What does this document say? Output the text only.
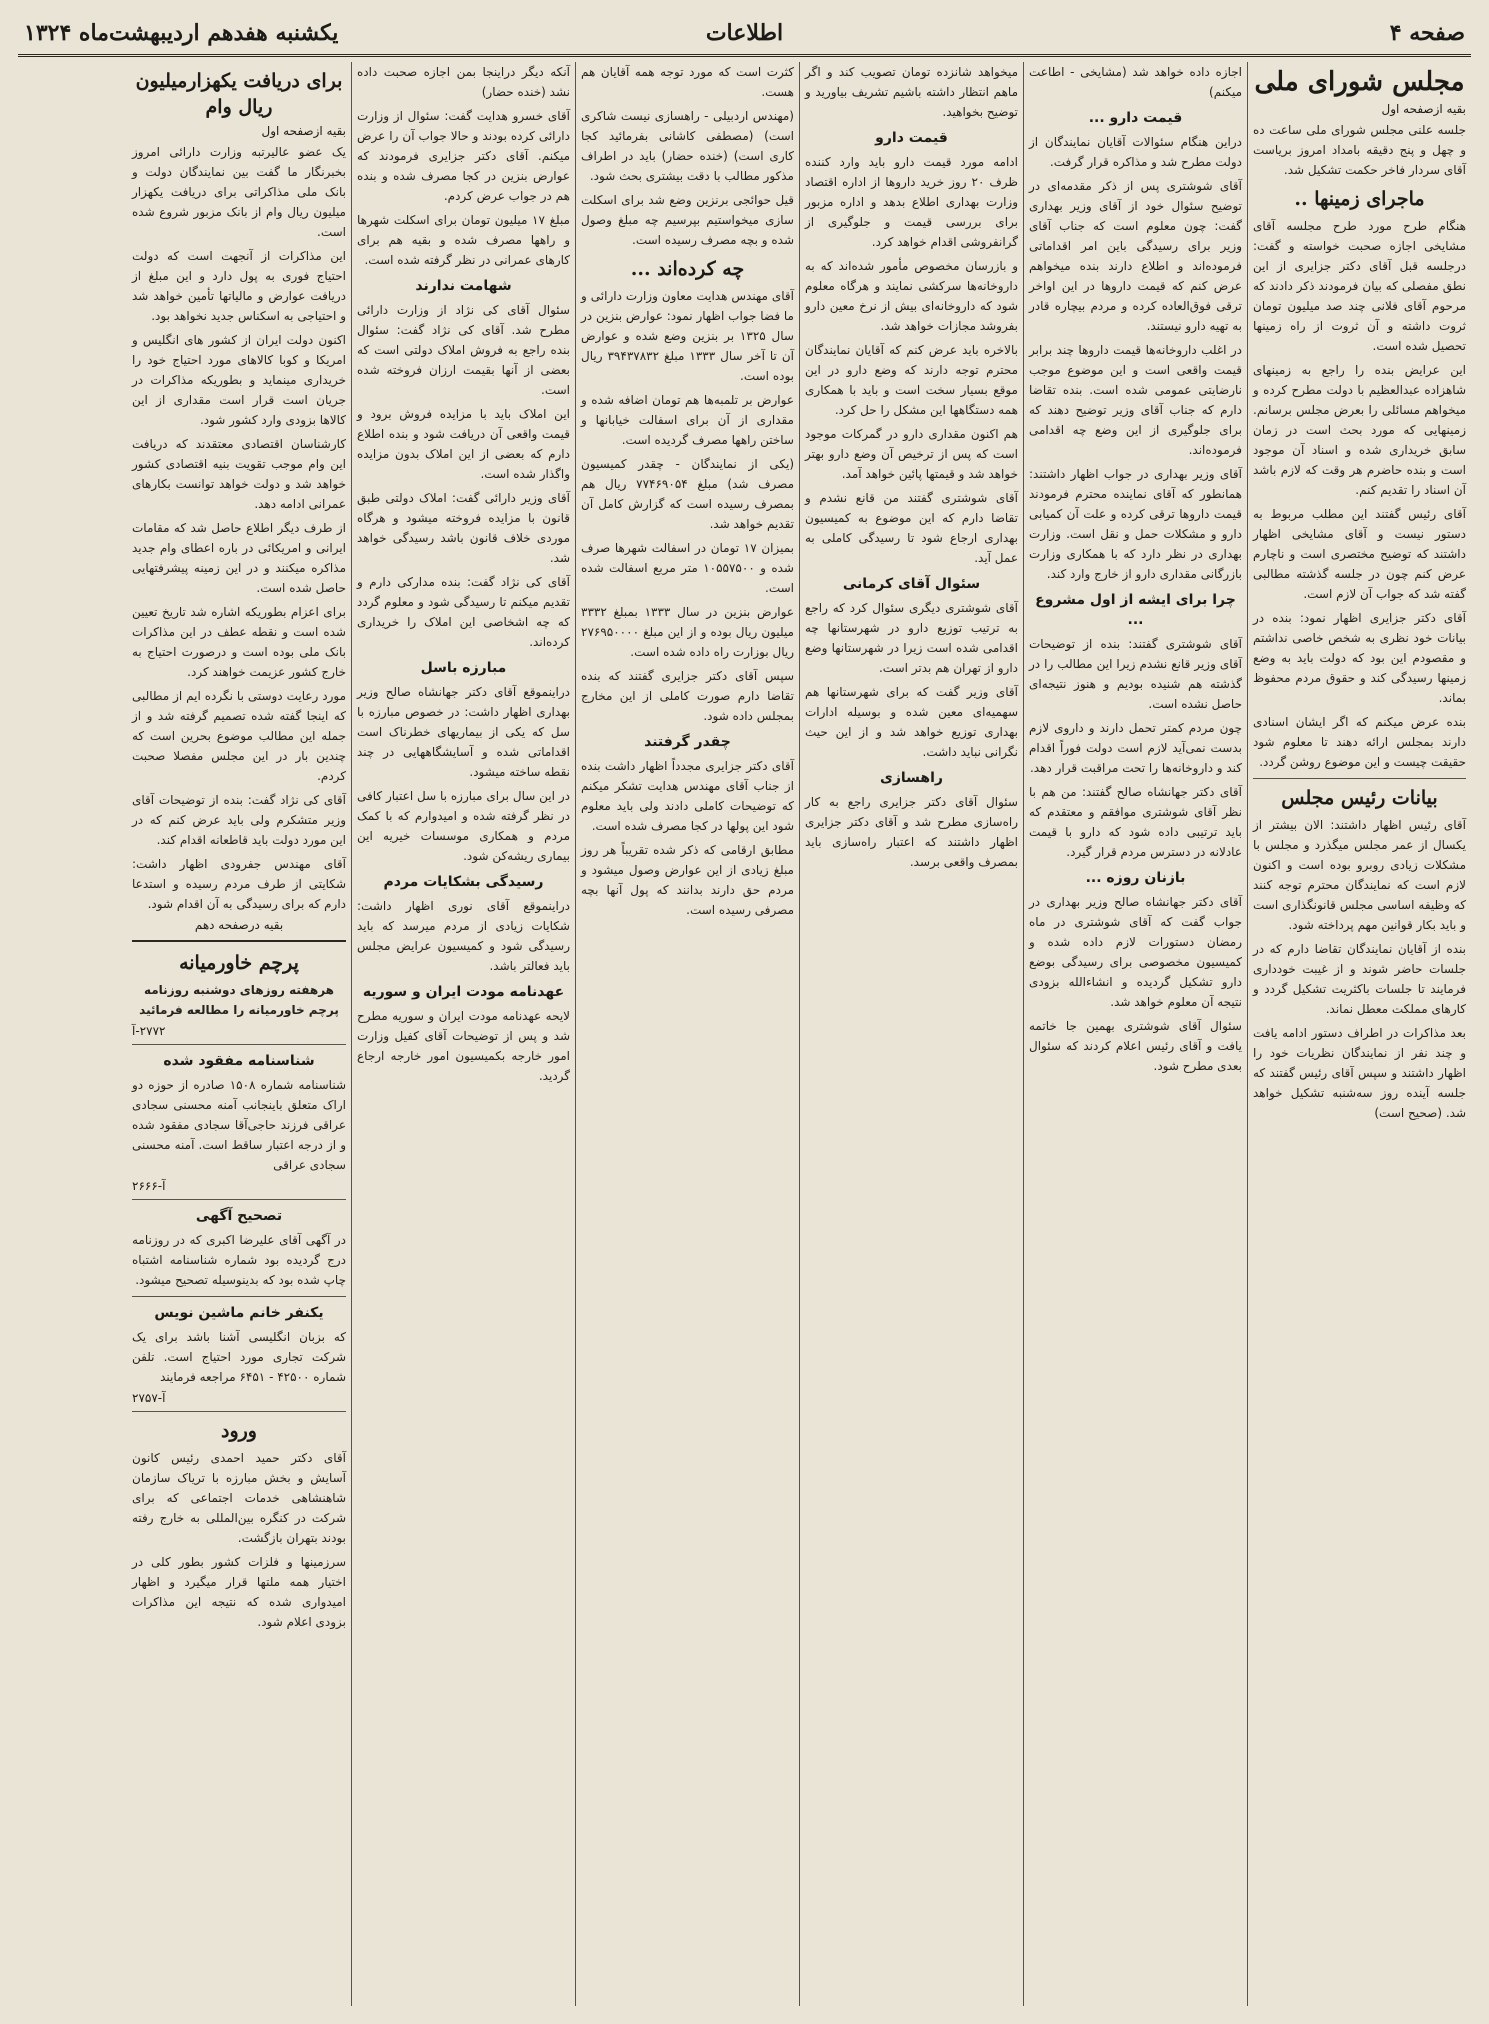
صفحه ۴
اطلاعات
یکشنبه هفدهم اردیبهشت‌ماه ۱۳۲۴
مجلس شورای ملی
بقیه ازصفحه اول

جلسه علنی مجلس شورای ملی ساعت ده و چهل و پنج دقیقه بامداد امروز بریاست آقای سردار فاخر حکمت تشکیل شد.

ماجرای زمینها ..

هنگام طرح مورد طرح مجلسه آقای مشایخی اجازه صحبت خواسته و گفت: درجلسه قبل آقای دکتر جزایری از این نطق مفصلی که بیان فرمودند ذکر دادند که مرحوم آقای فلانی چند صد میلیون تومان ثروت داشته و آن ثروت از راه زمینها تحصیل شده است.

این عرایض بنده را راجع به زمینهای شاهزاده عبدالعظیم با دولت مطرح کرده و میخواهم مسائلی را بعرض مجلس برسانم. زمینهایی که مورد بحث است در زمان سابق خریداری شده و اسناد آن موجود است و بنده حاضرم هر وقت که لازم باشد آن اسناد را تقدیم کنم.

آقای رئیس گفتند این مطلب مربوط به دستور نیست و آقای مشایخی اظهار داشتند که توضیح مختصری است و ناچارم عرض کنم چون در جلسه گذشته مطالبی گفته شد که جواب آن لازم است.

آقای دکتر جزایری اظهار نمود: بنده در بیانات خود نظری به شخص خاصی نداشتم و مقصودم این بود که دولت باید به وضع زمینها رسیدگی کند و حقوق مردم محفوظ بماند.

بنده عرض میکنم که اگر ایشان اسنادی دارند بمجلس ارائه دهند تا معلوم شود حقیقت چیست و این موضوع روشن گردد.

بیانات رئیس مجلس

آقای رئیس اظهار داشتند: الان بیشتر از یکسال از عمر مجلس میگذرد و مجلس با مشکلات زیادی روبرو بوده است و اکنون لازم است که نمایندگان محترم توجه کنند که وظیفه اساسی مجلس قانونگذاری است و باید بکار قوانین مهم پرداخته شود.

بنده از آقایان نمایندگان تقاضا دارم که در جلسات حاضر شوند و از غیبت خودداری فرمایند تا جلسات باکثریت تشکیل گردد و کارهای مملکت معطل نماند.

بعد مذاکرات در اطراف دستور ادامه یافت و چند نفر از نمایندگان نظریات خود را اظهار داشتند و سپس آقای رئیس گفتند که جلسه آینده روز سه‌شنبه تشکیل خواهد شد. (صحیح است)

اجازه داده خواهد شد (مشایخی - اطاعت میکنم)

قیمت دارو ...

دراین هنگام سئوالات آقایان نمایندگان از دولت مطرح شد و مذاکره قرار گرفت.

آقای شوشتری پس از ذکر مقدمه‌ای در توضیح سئوال خود از آقای وزیر بهداری گفت: چون معلوم است که جناب آقای وزیر برای رسیدگی باین امر اقداماتی فرموده‌اند و اطلاع دارند بنده میخواهم عرض کنم که قیمت داروها در این اواخر ترقی فوق‌العاده کرده و مردم بیچاره قادر به تهیه دارو نیستند.

در اغلب داروخانه‌ها قیمت داروها چند برابر قیمت واقعی است و این موضوع موجب نارضایتی عمومی شده است. بنده تقاضا دارم که جناب آقای وزیر توضیح دهند که برای جلوگیری از این وضع چه اقدامی فرموده‌اند.

آقای وزیر بهداری در جواب اظهار داشتند: همانطور که آقای نماینده محترم فرمودند قیمت داروها ترقی کرده و علت آن کمیابی دارو و مشکلات حمل و نقل است. وزارت بهداری در نظر دارد که با همکاری وزارت بازرگانی مقداری دارو از خارج وارد کند.

چرا برای ایشه از اول مشروع ...

آقای شوشتری گفتند: بنده از توضیحات آقای وزیر قانع نشدم زیرا این مطالب را در گذشته هم شنیده بودیم و هنوز نتیجه‌ای حاصل نشده است.

چون مردم کمتر تحمل دارند و داروی لازم بدست نمی‌آید لازم است دولت فوراً اقدام کند و داروخانه‌ها را تحت مراقبت قرار دهد.

آقای دکتر جهانشاه صالح گفتند: من هم با نظر آقای شوشتری موافقم و معتقدم که باید ترتیبی داده شود که دارو با قیمت عادلانه در دسترس مردم قرار گیرد.

بازنان روزه ...

آقای دکتر جهانشاه صالح وزیر بهداری در جواب گفت که آقای شوشتری در ماه رمضان دستورات لازم داده شده و کمیسیون مخصوصی برای رسیدگی بوضع دارو تشکیل گردیده و انشاءالله بزودی نتیجه آن معلوم خواهد شد.

سئوال آقای شوشتری بهمین جا خاتمه یافت و آقای رئیس اعلام کردند که سئوال بعدی مطرح شود.

میخواهد شانزده تومان تصویب کند و اگر ماهم انتظار داشته باشیم تشریف بیاورید و توضیح بخواهید.

قیمت دارو

ادامه مورد قیمت دارو باید وارد کننده ظرف ۲۰ روز خرید داروها از اداره اقتصاد وزارت بهداری اطلاع بدهد و اداره مزبور برای بررسی قیمت و جلوگیری از گرانفروشی اقدام خواهد کرد.

و بازرسان مخصوص مأمور شده‌اند که به داروخانه‌ها سرکشی نمایند و هرگاه معلوم شود که داروخانه‌ای بیش از نرخ معین دارو بفروشد مجازات خواهد شد.

بالاخره باید عرض کنم که آقایان نمایندگان محترم توجه دارند که وضع دارو در این موقع بسیار سخت است و باید با همکاری همه دستگاهها این مشکل را حل کرد.

هم اکنون مقداری دارو در گمرکات موجود است که پس از ترخیص آن وضع دارو بهتر خواهد شد و قیمتها پائین خواهد آمد.

آقای شوشتری گفتند من قانع نشدم و تقاضا دارم که این موضوع به کمیسیون بهداری ارجاع شود تا رسیدگی کاملی به عمل آید.

سئوال آقای کرمانی

آقای شوشتری دیگری سئوال کرد که راجع به ترتیب توزیع دارو در شهرستانها چه اقدامی شده است زیرا در شهرستانها وضع دارو از تهران هم بدتر است.

آقای وزیر گفت که برای شهرستانها هم سهمیه‌ای معین شده و بوسیله ادارات بهداری توزیع خواهد شد و از این حیث نگرانی نباید داشت.

راهسازی

سئوال آقای دکتر جزایری راجع به کار راه‌سازی مطرح شد و آقای دکتر جزایری اظهار داشتند که اعتبار راه‌سازی باید بمصرف واقعی برسد.

کثرت است که مورد توجه همه آقایان هم هست.

(مهندس اردبیلی - راهسازی نیست شاکری است) (مصطفی کاشانی بفرمائید کجا کاری است) (خنده حضار) باید در اطراف مذکور مطالب با دقت بیشتری بحث شود.

قیل حوائجی برنزین وضع شد برای اسکلت سازی میخواستیم بپرسیم چه مبلغ وصول شده و بچه مصرف رسیده است.

چه کرده‌اند ...

آقای مهندس هدایت معاون وزارت دارائی و ما فضا جواب اظهار نمود: عوارض بنزین در سال ۱۳۲۵ بر بنزین وضع شده و عوارض آن تا آخر سال ۱۳۳۳ مبلغ ۳۹۴۳۷۸۳۲ ریال بوده است.

عوارض بر تلمبه‌ها هم تومان اضافه شده و مقداری از آن برای اسفالت خیابانها و ساختن راهها مصرف گردیده است.

(یکی از نمایندگان - چقدر کمیسیون مصرف شد) مبلغ ۷۷۴۶۹۰۵۴ ریال هم بمصرف رسیده است که گزارش کامل آن تقدیم خواهد شد.

بمیزان ۱۷ تومان در اسفالت شهرها صرف شده و ۱۰۵۵۷۵۰۰ متر مربع اسفالت شده است.

عوارض بنزین در سال ۱۳۳۳ بمبلغ ۳۳۳۲ میلیون ریال بوده و از این مبلغ ۲۷۶۹۵۰۰۰۰ ریال بوزارت راه داده شده است.

سپس آقای دکتر جزایری گفتند که بنده تقاضا دارم صورت کاملی از این مخارج بمجلس داده شود.

چقدر گرفتند

آقای دکتر جزایری مجدداً اظهار داشت بنده از جناب آقای مهندس هدایت تشکر میکنم که توضیحات کاملی دادند ولی باید معلوم شود این پولها در کجا مصرف شده است.

مطابق ارقامی که ذکر شده تقریباً هر روز مبلغ زیادی از این عوارض وصول میشود و مردم حق دارند بدانند که پول آنها بچه مصرفی رسیده است.

آنکه دیگر دراینجا بمن اجازه صحبت داده نشد (خنده حضار)

آقای خسرو هدایت گفت: سئوال از وزارت دارائی کرده بودند و حالا جواب آن را عرض میکنم. آقای دکتر جزایری فرمودند که عوارض بنزین در کجا مصرف شده و بنده هم در جواب عرض کردم.

مبلغ ۱۷ میلیون تومان برای اسکلت شهرها و راهها مصرف شده و بقیه هم برای کارهای عمرانی در نظر گرفته شده است.

شهامت ندارند

سئوال آقای کی نژاد از وزارت دارائی مطرح شد. آقای کی نژاد گفت: سئوال بنده راجع به فروش املاک دولتی است که بعضی از آنها بقیمت ارزان فروخته شده است.

این املاک باید با مزایده فروش برود و قیمت واقعی آن دریافت شود و بنده اطلاع دارم که بعضی از این املاک بدون مزایده واگذار شده است.

آقای وزیر دارائی گفت: املاک دولتی طبق قانون با مزایده فروخته میشود و هرگاه موردی خلاف قانون باشد رسیدگی خواهد شد.

آقای کی نژاد گفت: بنده مدارکی دارم و تقدیم میکنم تا رسیدگی شود و معلوم گردد که چه اشخاصی این املاک را خریداری کرده‌اند.

مبارزه باسل

دراینموقع آقای دکتر جهانشاه صالح وزیر بهداری اظهار داشت: در خصوص مبارزه با سل که یکی از بیماریهای خطرناک است اقداماتی شده و آسایشگاههایی در چند نقطه ساخته میشود.

در این سال برای مبارزه با سل اعتبار کافی در نظر گرفته شده و امیدوارم که با کمک مردم و همکاری موسسات خیریه این بیماری ریشه‌کن شود.

رسیدگی بشکایات مردم

دراینموقع آقای نوری اظهار داشت: شکایات زیادی از مردم میرسد که باید رسیدگی شود و کمیسیون عرایض مجلس باید فعالتر باشد.

عهدنامه مودت ایران و سوریه

لایحه عهدنامه مودت ایران و سوریه مطرح شد و پس از توضیحات آقای کفیل وزارت امور خارجه بکمیسیون امور خارجه ارجاع گردید.

برای دریافت یکهزارمیلیون ریال وام
بقیه ازصفحه اول

یک عضو عالیرتبه وزارت دارائی امروز بخبرنگار ما گفت بین نمایندگان دولت و بانک ملی مذاکراتی برای دریافت یکهزار میلیون ریال وام از بانک مزبور شروع شده است.

این مذاکرات از آنجهت است که دولت احتیاج فوری به پول دارد و این مبلغ از دریافت عوارض و مالیاتها تأمین خواهد شد و احتیاجی به اسکناس جدید نخواهد بود.

اکنون دولت ایران از کشور های انگلیس و امریکا و کوبا کالاهای مورد احتیاج خود را خریداری مینماید و بطوریکه مذاکرات در جریان است قرار است مقداری از این کالاها بزودی وارد کشور شود.

کارشناسان اقتصادی معتقدند که دریافت این وام موجب تقویت بنیه اقتصادی کشور خواهد شد و دولت خواهد توانست بکارهای عمرانی ادامه دهد.

از طرف دیگر اطلاع حاصل شد که مقامات ایرانی و امریکائی در باره اعطای وام جدید مذاکره میکنند و در این زمینه پیشرفتهایی حاصل شده است.

برای اعزام بطوریکه اشاره شد تاریخ تعیین شده است و نقطه عطف در این مذاکرات بانک ملی بوده است و درصورت احتیاج به خارج کشور عزیمت خواهند کرد.

مورد رعایت دوستی با نگرده ایم از مطالبی که اینجا گفته شده تصمیم گرفته شد و از جمله این مطالب موضوع بحرین است که چندین بار در این مجلس مفصلا صحبت کردم.

آقای کی نژاد گفت: بنده از توضیحات آقای وزیر متشکرم ولی باید عرض کنم که در این مورد دولت باید قاطعانه اقدام کند.

آقای مهندس جفرودی اظهار داشت: شکایتی از طرف مردم رسیده و استدعا دارم که برای رسیدگی به آن اقدام شود.

بقیه درصفحه دهم
پرچم خاورمیانه

هرهفته روزهای دوشنبه روزنامه پرچم خاورمیانه را مطالعه فرمائید

۲۷۷۲-آ
شناسنامه مفقود شده

شناسنامه شماره ۱۵۰۸ صادره از حوزه دو اراک متعلق باینجانب آمنه محسنی سجادی عراقی فرزند حاجی‌آقا سجادی مفقود شده و از درجه اعتبار ساقط است. آمنه محسنی سجادی عراقی

آ-۲۶۶۶
تصحیح آگهی

در آگهی آقای علیرضا اکبری که در روزنامه درج گردیده بود شماره شناسنامه اشتباه چاپ شده بود که بدینوسیله تصحیح میشود.

یکنفر خانم ماشین نویس

که بزبان انگلیسی آشنا باشد برای یک شرکت تجاری مورد احتیاج است. تلفن شماره ۴۲۵۰۰ - ۶۴۵۱ مراجعه فرمایند

آ-۲۷۵۷
ورود

آقای دکتر حمید احمدی رئیس کانون آسایش و بخش مبارزه با تریاک سازمان شاهنشاهی خدمات اجتماعی که برای شرکت در کنگره بین‌المللی به خارج رفته بودند بتهران بازگشت.

سرزمینها و فلزات کشور بطور کلی در اختیار همه ملتها قرار میگیرد و اظهار امیدواری شده که نتیجه این مذاکرات بزودی اعلام شود.
